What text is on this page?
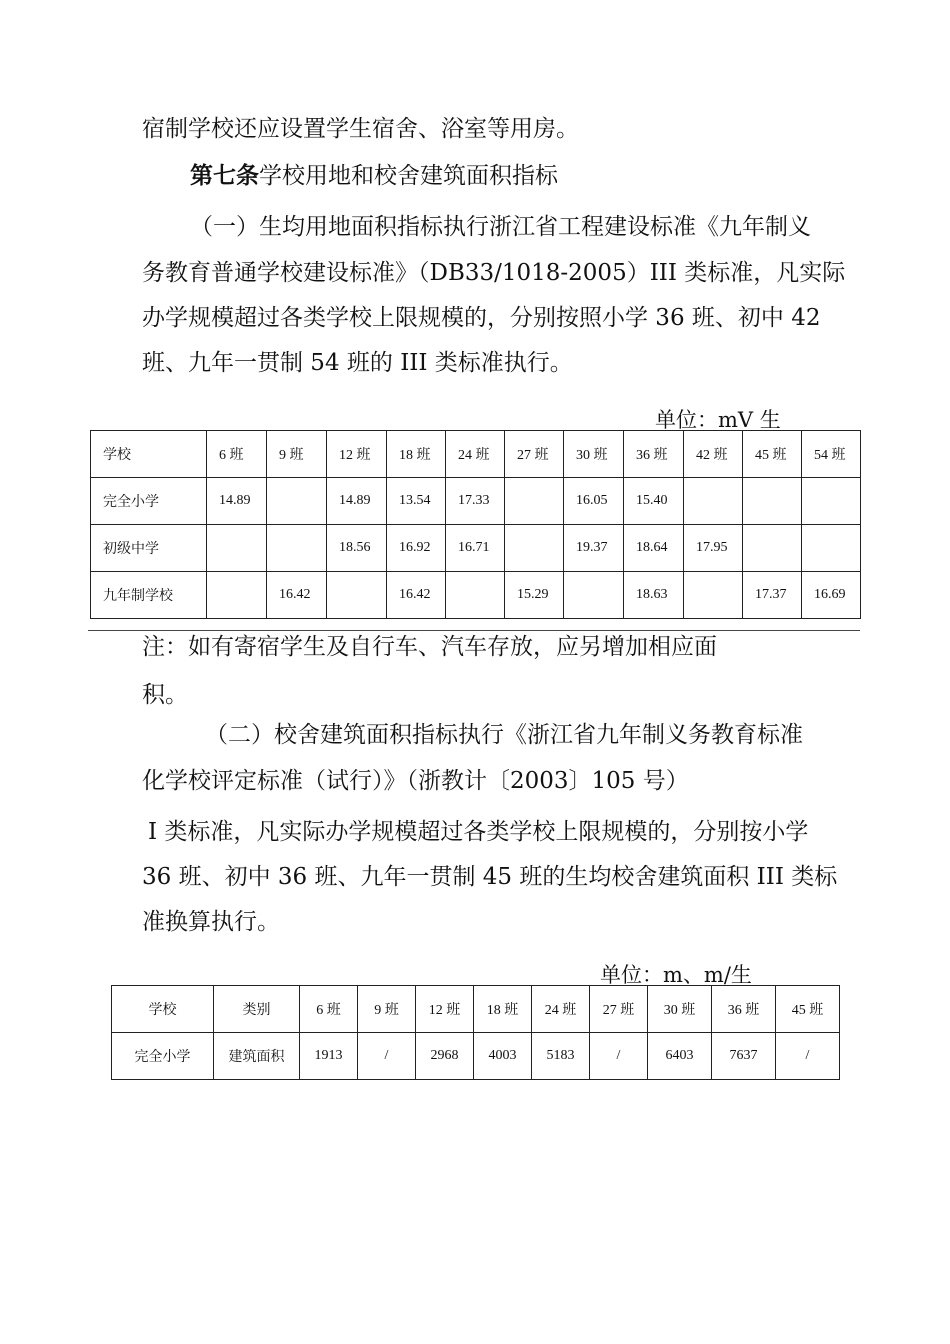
宿制学校还应设置学生宿舍、浴室等用房。
第七条学校用地和校舍建筑面积指标
（一）生均用地面积指标执行浙江省工程建设标准《九年制义
务教育普通学校建设标准》（DB33/1018-2005）III 类标准，凡实际
办学规模超过各类学校上限规模的，分别按照小学 36 班、初中 42
班、九年一贯制 54 班的 III 类标准执行。
单位：mV 生
学校	6 班	9 班	12 班	18 班	24 班	27 班	30 班	36 班	42 班	45 班	54 班
完全小学	14.89		14.89	13.54	17.33		16.05	15.40			
初级中学			18.56	16.92	16.71		19.37	18.64	17.95		
九年制学校		16.42		16.42		15.29		18.63		17.37	16.69
注：如有寄宿学生及自行车、汽车存放，应另增加相应面
积。
（二）校舍建筑面积指标执行《浙江省九年制义务教育标准
化学校评定标准（试行）》（浙教计〔2003〕105 号）
I 类标准，凡实际办学规模超过各类学校上限规模的，分别按小学
36 班、初中 36 班、九年一贯制 45 班的生均校舍建筑面积 III 类标
准换算执行。
单位：m、m/生
学校	类别	6 班	9 班	12 班	18 班	24 班	27 班	30 班	36 班	45 班
完全小学	建筑面积	1913	/	2968	4003	5183	/	6403	7637	/
